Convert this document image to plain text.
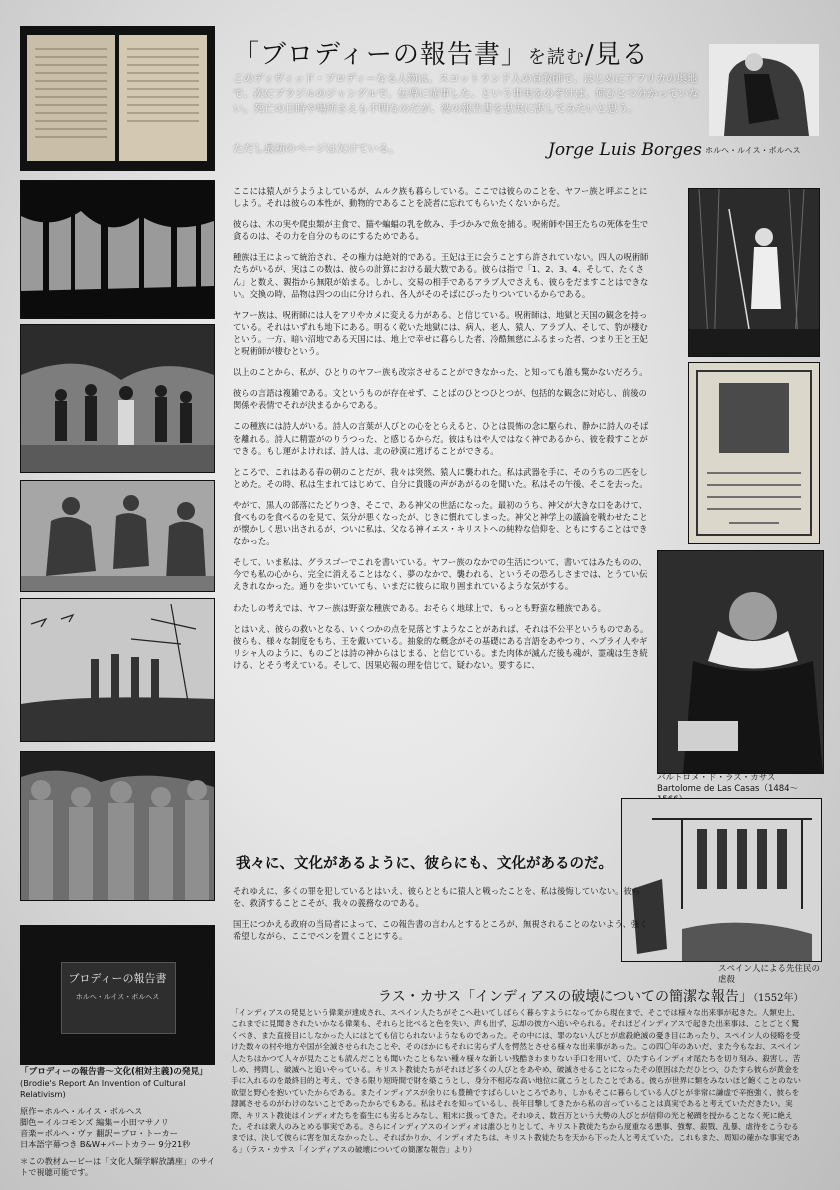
ブロディーの報告書
ホルヘ・ルイス・ボルヘス
「ブロディーの報告書」を読む/見る
このディヴィッド・ブロディーなる人物は、スコットランド人の宣教師で、はじめにアフリカの奥地で、次にブラジルのジャングルで、伝導に従事した、という事実をのぞけば、何ひとつ分かっていない。死亡の日時や場所さえも不明なのだが、彼の報告書を忠実に訳してみたいと思う。
ただし最初のページは欠けている。	Jorge Luis Borges ホルヘ・ルイス・ボルヘス
バルトロメ・ド・ラス・カサス
Bartolome de Las Casas（1484〜
スペイン人による先住民の虐殺

ここには猿人がうようよしているが、ムルク族も暮らしている。ここでは彼らのことを、ヤフー族と呼ぶことにしよう。それは彼らの本性が、動物的であることを読者に忘れてもらいたくないからだ。

彼らは、木の実や爬虫類が主食で、猫や蝙蝠の乳を飲み、手づかみで魚を捕る。呪術師や国王たちの死体を生で貪るのは、その力を自分のものにするためである。

種族は王によって統治され、その権力は絶対的である。王妃は王に会うことすら許されていない。四人の呪術師たちがいるが、実はこの数は、彼らの計算における最大数である。彼らは指で「1、2、3、4、そして、たくさん」と数え、親指から無限が始まる。しかし、交易の相手であるアラブ人でさえも、彼らをだますことはできない。交換の時、品物は四つの山に分けられ、各人がそのそばにぴったりついているからである。

ヤフー族は、呪術師には人をアリやカメに変える力がある、と信じている。呪術師は、地獄と天国の観念を持っている。それはいずれも地下にある。明るく乾いた地獄には、病人、老人、猿人、アラブ人、そして、豹が棲むという。一方、暗い沼地である天国には、地上で幸せに暮らした者、冷酷無慈にふるまった者、つまり王と王妃と呪術師が棲むという。

以上のことから、私が、ひとりのヤフー族も改宗させることができなかった、と知っても誰も驚かないだろう。

彼らの言語は複雑である。文というものが存在せず、ことばのひとつひとつが、包括的な観念に対応し、前後の関係や表情でそれが決まるからである。

この種族には詩人がいる。詩人の言葉が人びとの心をとらえると、ひとは畏怖の念に駆られ、静かに詩人のそばを離れる。詩人に精霊がのりうつった、と感じるからだ。彼はもはや人ではなく神であるから、彼を殺すことができる。もし運がよければ、詩人は、北の砂漠に逃げることができる。

ところで、これはある春の朝のことだが、我々は突然、猿人に襲われた。私は武器を手に、そのうちの二匹をしとめた。その時、私は生まれてはじめて、自分に貴賤の声があがるのを聞いた。私はその午後、そこを去った。

やがて、黒人の部落にたどりつき、そこで、ある神父の世話になった。最初のうち、神父が大きな口をあけて、食べものを食べるのを見て、気分が悪くなったが、じきに慣れてしまった。神父と神学上の議論を戦わせたことが懐かしく思い出されるが、ついに私は、父なる神イエス・キリストへの純粋な信仰を、ともにすることはできなかった。

そして、いま私は、グラスゴーでこれを書いている。ヤフー族のなかでの生活について、書いてはみたものの、今でも私の心から、完全に消えることはなく、夢のなかで、襲われる、というその恐ろしさまでは、とうてい伝えきれなかった。通りを歩いていても、いまだに彼らに取り囲まれているような気がする。

わたしの考えでは、ヤフー族は野蛮な種族である。おそらく地球上で、もっとも野蛮な種族である。

とはいえ、彼らの救いとなる、いくつかの点を見落とすようなことがあれば、それは不公平というものである。彼らも、様々な制度をもち、王を戴いている。抽象的な概念がその基礎にある言語をあやつり、ヘブライ人やギリシャ人のように、ものごとは詩の神からはじまる、と信じている。また肉体が滅んだ後も魂が、霊魂は生き続ける、とそう考えている。そして、因果応報の理を信じて、疑わない。要するに、

我々に、文化があるように、彼らにも、文化があるのだ。

それゆえに、多くの罪を犯しているとはいえ、彼らとともに猿人と戦ったことを、私は後悔していない。彼らを、救済することこそが、我々の義務なのである。

国王につかえる政府の当局者によって、この報告書の言わんとするところが、無視されることのないよう、強く希望しながら、ここでペンを置くことにする。

ラス・カサス「インディアスの破壊についての簡潔な報告」（1552年）
「インディアスの発見という偉業が達成され、スペイン人たちがそこへ赴いてしばらく暮らすようになってから現在まで、そこでは様々な出来事が起きた。人類史上、これまでに見聞きされたいかなる偉業も、それらと比べると色を失い、声も出ず、忘却の彼方へ追いやられる。それほどインディアスで起きた出来事は、ことごとく驚くべき、また直接目にしなかった人にはとても信じられないようなものであった。その中には、罪のない人びとが虐殺絶滅の憂き目にあったり、スペイン人の侵略を受けた数々の村や地方や国が全滅させられたことや、そのほかにもそれに劣らず人を愕然とさせる様々な出来事があった。この四〇年のあいだ、また今もなお、スペイン人たちはかつて人々が見たことも読んだことも聞いたこともない種々様々な新しい残酷きわまりない手口を用いて、ひたすらインディオ尾たちを切り刻み、殺害し、苦しめ、拷問し、破滅へと追いやっている。キリスト教徒たちがそれほど多くの人びとをあやめ、破滅させることになったその原因はただひとつ、ひたすら彼らが黄金を手に入れるのを最終目的と考え、できる限り短時間で財を築こうとし、身分不相応な高い地位に就こうとしたことである。彼らが世界に類をみないほど飽くことのない欲望と野心を抱いていたからである。またインディアスが余りにも豊饒ですばらしいところであり、しかもそこに暮らしている人びとが非常に謙虚で辛抱強く、彼らを隷属させるのがわけのないことであったからでもある。私はそれを知っているし、長年目撃してきたから私の言っていることは真実であると考えていただきたい。実際、キリスト教徒はインディオたちを畜生にも劣るとみなし、粗末に扱ってきた。それゆえ、数百万という大勢の人びとが信仰の光と秘蹟を授かることなく死に絶えた。それは衆人のみとめる事実である。さらにインディアスのインディオは誰ひとりとして、キリスト教徒たちから度重なる悪事、強奪、殺戮、乱暴、虐待をこうむるまでは、決して彼らに害を加えなかったし、そればかりか、インディオたちは、キリスト教徒たちを天から下った人と考えていた。これもまた、周知の確かな事実である」（ラス・カサス「インディアスの破壊についての簡潔な報告」より）
「ブロディーの報告書〜文化(相対主義)の発見」
(Brodie's Report An Invention of Cultural Relativism)
原作＝ホルヘ・ルイス・ボルヘス
脚色＝イルコモンズ 編集＝小田マサノリ
音楽＝ボルヘ・ヴァ 翻訳＝ブロ・トーカー
日本語字幕つき B&W+パートカラー 9分21秒
＊この教材ムービーは「文化人類学解放講座」のサイトで視聴可能です。
